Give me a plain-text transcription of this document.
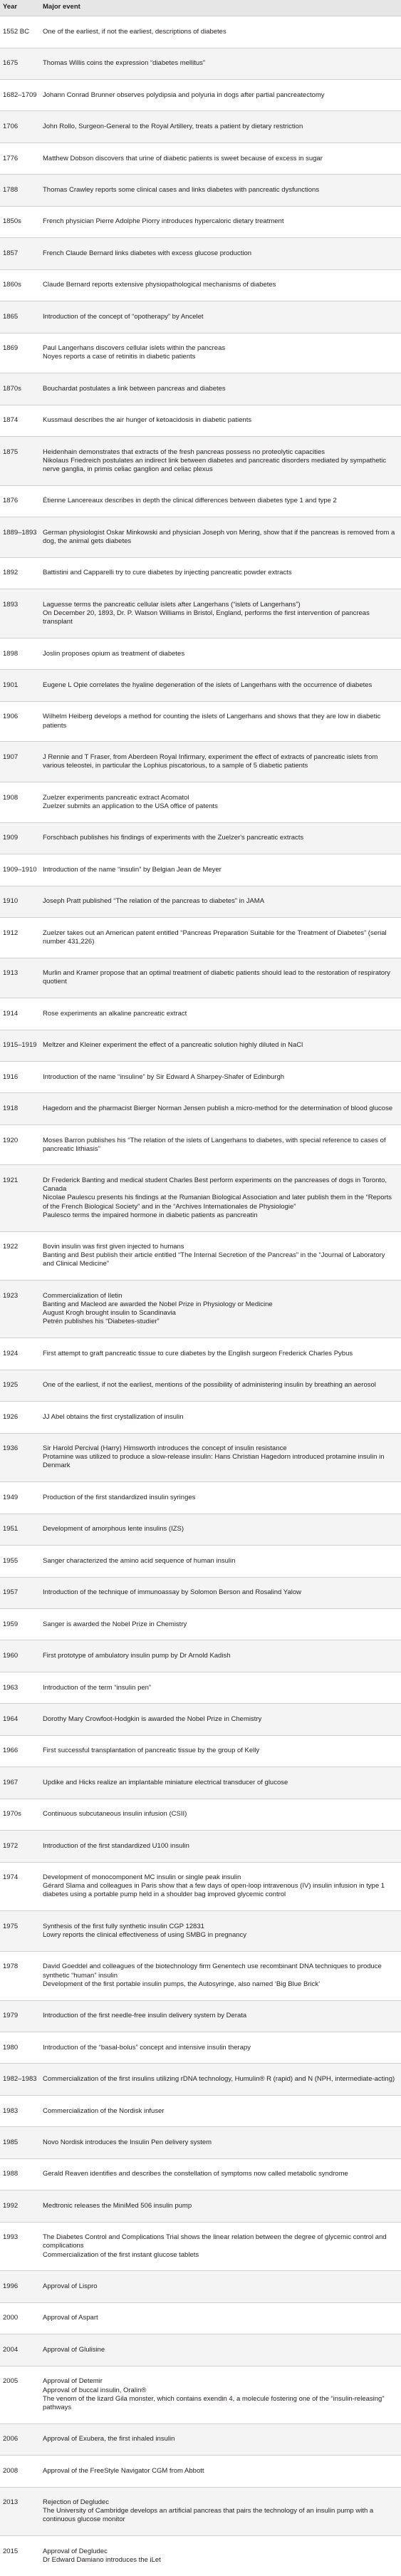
Year	Major event
1552 BC	One of the earliest, if not the earliest, descriptions of diabetes
1675	Thomas Willis coins the expression “diabetes mellitus”
1682–1709 Johann Conrad Brunner observes polydipsia and polyuria in dogs after partial pancreatectomy
1706	John Rollo, Surgeon-General to the Royal Artillery, treats a patient by dietary restriction
1776	Matthew Dobson discovers that urine of diabetic patients is sweet because of excess in sugar
1788	Thomas Crawley reports some clinical cases and links diabetes with pancreatic dysfunctions
1850s	French physician Pierre Adolphe Piorry introduces hypercaloric dietary treatment
1857	French Claude Bernard links diabetes with excess glucose production
1860s	Claude Bernard reports extensive physiopathological mechanisms of diabetes
1865	Introduction of the concept of “opotherapy” by Ancelet
1869	Paul Langerhans discovers cellular islets within the pancreas
Noyes reports a case of retinitis in diabetic patients
1870s	Bouchardat postulates a link between pancreas and diabetes
1874	Kussmaul describes the air hunger of ketoacidosis in diabetic patients
1875	Heidenhain demonstrates that extracts of the fresh pancreas possess no proteolytic capacities
Nikolaus Friedreich postulates an indirect link between diabetes and pancreatic disorders mediated by sympathetic nerve ganglia, in primis celiac ganglion and celiac plexus
1876	Étienne Lancereaux describes in depth the clinical differences between diabetes type 1 and type 2
1889–1893 German physiologist Oskar Minkowski and physician Joseph von Mering, show that if the pancreas is removed from a dog, the animal gets diabetes
1892	Battistini and Capparelli try to cure diabetes by injecting pancreatic powder extracts
1893	Laguesse terms the pancreatic cellular islets after Langerhans (“islets of Langerhans”)
On December 20, 1893, Dr. P. Watson Williams in Bristol, England, performs the first intervention of pancreas transplant
1898	Joslin proposes opium as treatment of diabetes
1901	Eugene L Opie correlates the hyaline degeneration of the islets of Langerhans with the occurrence of diabetes
1906	Wilhelm Heiberg develops a method for counting the islets of Langerhans and shows that they are low in diabetic patients
1907	J Rennie and T Fraser, from Aberdeen Royal Infirmary, experiment the effect of extracts of pancreatic islets from various teleostei, in particular the Lophius piscatorious, to a sample of 5 diabetic patients
1908	Zuelzer experiments pancreatic extract Acomatol
Zuelzer submits an application to the USA office of patents
1909	Forschbach publishes his findings of experiments with the Zuelzer's pancreatic extracts
1909–1910 Introduction of the name “insulin” by Belgian Jean de Meyer
1910	Joseph Pratt published “The relation of the pancreas to diabetes” in JAMA
1912	Zuelzer takes out an American patent entitled “Pancreas Preparation Suitable for the Treatment of Diabetes” (serial number 431,226)
1913	Murlin and Kramer propose that an optimal treatment of diabetic patients should lead to the restoration of respiratory quotient
1914	Rose experiments an alkaline pancreatic extract
1915–1919 Meltzer and Kleiner experiment the effect of a pancreatic solution highly diluted in NaCl
1916	Introduction of the name “insuline” by Sir Edward A Sharpey-Shafer of Edinburgh
1918	Hagedorn and the pharmacist Bierger Norman Jensen publish a micro-method for the determination of blood glucose
1920	Moses Barron publishes his “The relation of the islets of Langerhans to diabetes, with special reference to cases of pancreatic lithiasis”
1921	Dr Frederick Banting and medical student Charles Best perform experiments on the pancreases of dogs in Toronto, Canada
Nicolae Paulescu presents his findings at the Rumanian Biological Association and later publish them in the “Reports of the French Biological Society” and in the “Archives Internationales de Physiologie”
Paulesco terms the impaired hormone in diabetic patients as pancreatin
1922	Bovin insulin was first given injected to humans
Banting and Best publish their article entitled “The Internal Secretion of the Pancreas” in the “Journal of Laboratory and Clinical Medicine”
1923	Commercialization of Iletin
Banting and Macleod are awarded the Nobel Prize in Physiology or Medicine
August Krogh brought insulin to Scandinavia
Petrén publishes his “Diabetes-studier”
1924	First attempt to graft pancreatic tissue to cure diabetes by the English surgeon Frederick Charles Pybus
1925	One of the earliest, if not the earliest, mentions of the possibility of administering insulin by breathing an aerosol
1926	JJ Abel obtains the first crystallization of insulin
1936	Sir Harold Percival (Harry) Himsworth introduces the concept of insulin resistance
Protamine was utilized to produce a slow-release insulin: Hans Christian Hagedorn introduced protamine insulin in Denmark
1949	Production of the first standardized insulin syringes
1951	Development of amorphous lente insulins (IZS)
1955	Sanger characterized the amino acid sequence of human insulin
1957	Introduction of the technique of immunoassay by Solomon Berson and Rosalind Yalow
1959	Sanger is awarded the Nobel Prize in Chemistry
1960	First prototype of ambulatory insulin pump by Dr Arnold Kadish
1963	Introduction of the term “insulin pen”
1964	Dorothy Mary Crowfoot-Hodgkin is awarded the Nobel Prize in Chemistry
1966	First successful transplantation of pancreatic tissue by the group of Kelly
1967	Updike and Hicks realize an implantable miniature electrical transducer of glucose
1970s	Continuous subcutaneous insulin infusion (CSII)
1972	Introduction of the first standardized U100 insulin
1974	Development of monocomponent MC insulin or single peak insulin
Gérard Slama and colleagues in Paris show that a few days of open-loop intravenous (IV) insulin infusion in type 1 diabetes using a portable pump held in a shoulder bag improved glycemic control
1975	Synthesis of the first fully synthetic insulin CGP 12831
Lowry reports the clinical effectiveness of using SMBG in pregnancy
1978	David Goeddel and colleagues of the biotechnology firm Genentech use recombinant DNA techniques to produce synthetic “human” insulin
Development of the first portable insulin pumps, the Autosyringe, also named ‘Big Blue Brick’
1979	Introduction of the first needle-free insulin delivery system by Derata
1980	Introduction of the “basal-bolus” concept and intensive insulin therapy
1982–1983 Commercialization of the first insulins utilizing rDNA technology, Humulin® R (rapid) and N (NPH, intermediate-acting)
1983	Commercialization of the Nordisk infuser
1985	Novo Nordisk introduces the Insulin Pen delivery system
1988	Gerald Reaven identifies and describes the constellation of symptoms now called metabolic syndrome
1992	Medtronic releases the MiniMed 506 insulin pump
1993	The Diabetes Control and Complications Trial shows the linear relation between the degree of glycemic control and complications
Commercialization of the first instant glucose tablets
1996	Approval of Lispro
2000	Approval of Aspart
2004	Approval of Glulisine
2005	Approval of Detemir
Approval of buccal insulin, Oralin®
The venom of the lizard Gila monster, which contains exendin 4, a molecule fostering one of the “insulin-releasing” pathways
2006	Approval of Exubera, the first inhaled insulin
2008	Approval of the FreeStyle Navigator CGM from Abbott
2013	Rejection of Degludec
The University of Cambridge develops an artificial pancreas that pairs the technology of an insulin pump with a continuous glucose monitor
2015	Approval of Degludec
Dr Edward Damiano introduces the iLet
